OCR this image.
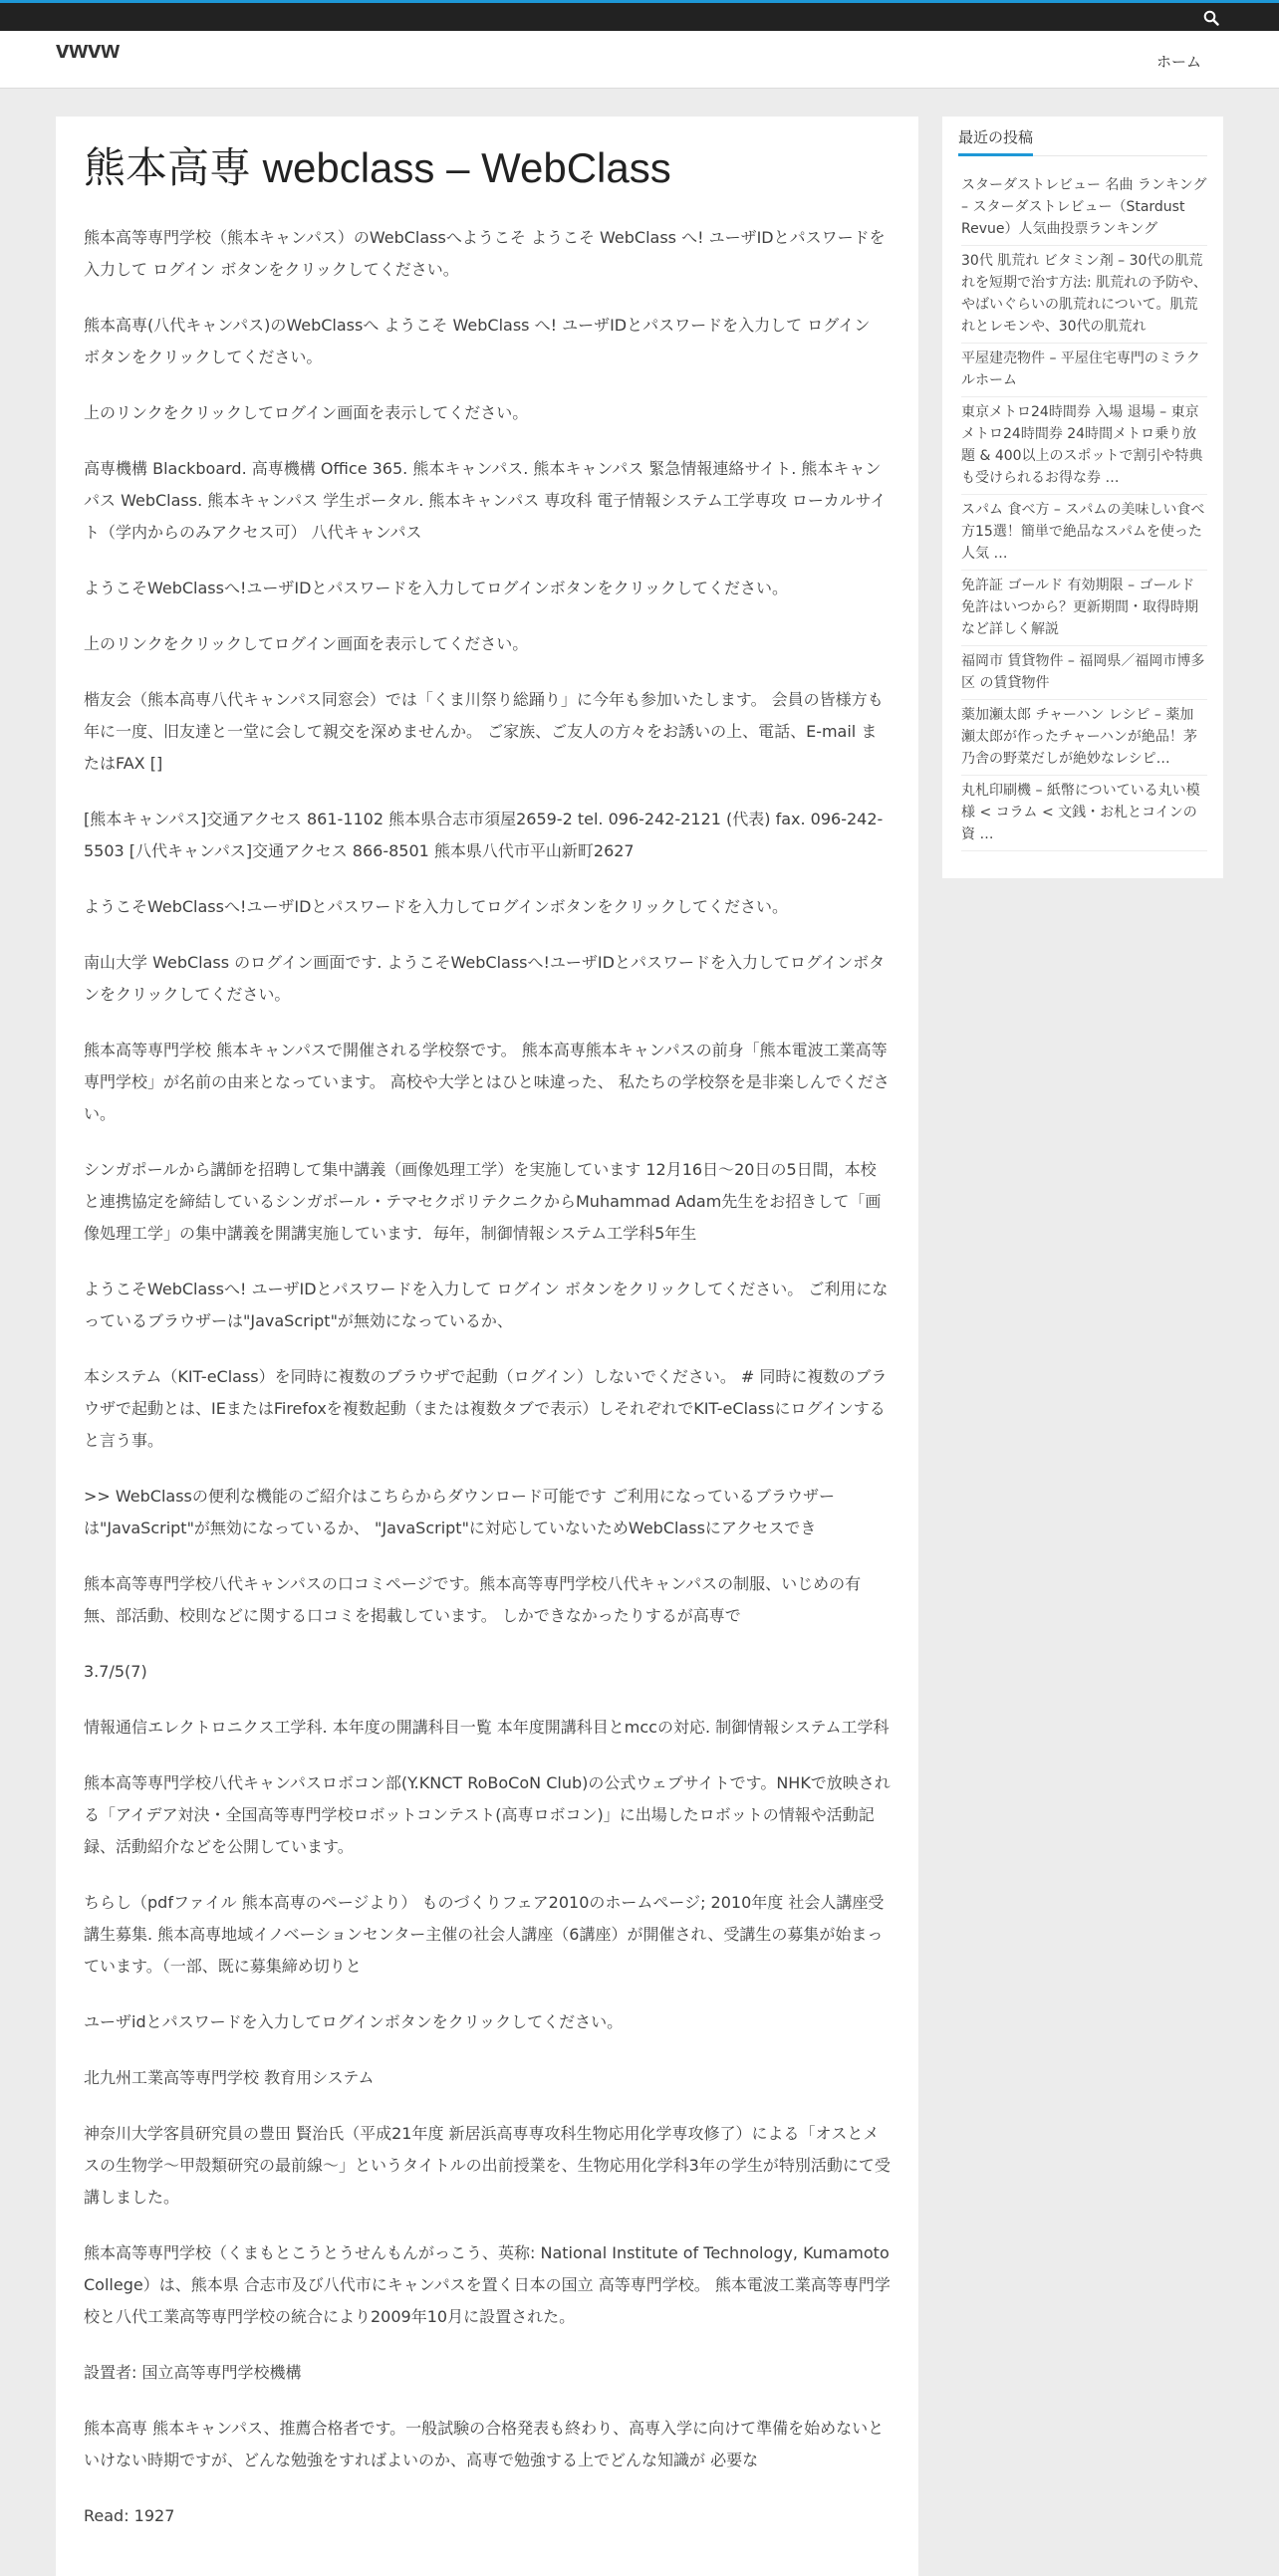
vwvw	ホーム
熊本高専 webclass – WebClass

熊本高等専門学校（熊本キャンパス）のWebClassへようこそ ようこそ WebClass へ! ユーザIDとパスワードを入力して ログイン ボタンをクリックしてください。

熊本高専(八代キャンパス)のWebClassへ ようこそ WebClass へ! ユーザIDとパスワードを入力して ログイン ボタンをクリックしてください。

上のリンクをクリックしてログイン画面を表示してください。

高専機構 Blackboard. 高専機構 Office 365. 熊本キャンパス. 熊本キャンパス 緊急情報連絡サイト. 熊本キャンパス WebClass. 熊本キャンパス 学生ポータル. 熊本キャンパス 専攻科 電子情報システム工学専攻 ローカルサイト（学内からのみアクセス可） 八代キャンパス

ようこそWebClassへ!ユーザIDとパスワードを入力してログインボタンをクリックしてください。

上のリンクをクリックしてログイン画面を表示してください。

楷友会（熊本高専八代キャンパス同窓会）では「くま川祭り総踊り」に今年も参加いたします。 会員の皆様方も年に一度、旧友達と一堂に会して親交を深めませんか。 ご家族、ご友人の方々をお誘いの上、電話、E-mail またはFAX []

[熊本キャンパス]交通アクセス 861-1102 熊本県合志市須屋2659-2 tel. 096-242-2121 (代表) fax. 096-242-5503 [八代キャンパス]交通アクセス 866-8501 熊本県八代市平山新町2627

ようこそWebClassへ!ユーザIDとパスワードを入力してログインボタンをクリックしてください。

南山大学 WebClass のログイン画面です. ようこそWebClassへ!ユーザIDとパスワードを入力してログインボタンをクリックしてください。

熊本高等専門学校 熊本キャンパスで開催される学校祭です。 熊本高専熊本キャンパスの前身「熊本電波工業高等専門学校」が名前の由来となっています。 高校や大学とはひと味違った、 私たちの学校祭を是非楽しんでください。

シンガポールから講師を招聘して集中講義（画像処理工学）を実施しています 12月16日～20日の5日間，本校と連携協定を締結しているシンガポール・テマセクポリテクニクからMuhammad Adam先生をお招きして「画像処理工学」の集中講義を開講実施しています．毎年，制御情報システム工学科5年生

ようこそWebClassへ! ユーザIDとパスワードを入力して ログイン ボタンをクリックしてください。 ご利用になっているブラウザーは"JavaScript"が無効になっているか、

本システム（KIT-eClass）を同時に複数のブラウザで起動（ログイン）しないでください。 # 同時に複数のブラウザで起動とは、IEまたはFirefoxを複数起動（または複数タブで表示）しそれぞれでKIT-eClassにログインすると言う事。

>> WebClassの便利な機能のご紹介はこちらからダウンロード可能です ご利用になっているブラウザーは"JavaScript"が無効になっているか、 "JavaScript"に対応していないためWebClassにアクセスでき

熊本高等専門学校八代キャンパスの口コミページです。熊本高等専門学校八代キャンパスの制服、いじめの有無、部活動、校則などに関する口コミを掲載しています。 しかできなかったりするが高専で

3.7/5(7)

情報通信エレクトロニクス工学科. 本年度の開講科目一覧 本年度開講科目とmccの対応. 制御情報システム工学科

熊本高等専門学校八代キャンパスロボコン部(Y.KNCT RoBoCoN Club)の公式ウェブサイトです。NHKで放映される「アイデア対決・全国高等専門学校ロボットコンテスト(高専ロボコン)」に出場したロボットの情報や活動記録、活動紹介などを公開しています。

ちらし（pdfファイル 熊本高専のページより） ものづくりフェア2010のホームページ; 2010年度 社会人講座受講生募集. 熊本高専地域イノベーションセンター主催の社会人講座（6講座）が開催され、受講生の募集が始まっています。（一部、既に募集締め切りと

ユーザidとパスワードを入力してログインボタンをクリックしてください。

北九州工業高等専門学校 教育用システム

神奈川大学客員研究員の豊田 賢治氏（平成21年度 新居浜高専専攻科生物応用化学専攻修了）による「オスとメスの生物学～甲殻類研究の最前線～」というタイトルの出前授業を、生物応用化学科3年の学生が特別活動にて受講しました。

熊本高等専門学校（くまもとこうとうせんもんがっこう、英称: National Institute of Technology, Kumamoto College）は、熊本県 合志市及び八代市にキャンパスを置く日本の国立 高等専門学校。 熊本電波工業高等専門学校と八代工業高等専門学校の統合により2009年10月に設置された。

設置者: 国立高等専門学校機構

熊本高専 熊本キャンパス、推薦合格者です。一般試験の合格発表も終わり、高専入学に向けて準備を始めないといけない時期ですが、どんな勉強をすればよいのか、高専で勉強する上でどんな知識が 必要な

Read: 1927

最近の投稿
スターダストレビュー 名曲 ランキング – スターダストレビュー（Stardust Revue）人気曲投票ランキング
30代 肌荒れ ビタミン剤 – 30代の肌荒れを短期で治す方法: 肌荒れの予防や、やばいぐらいの肌荒れについて。肌荒れとレモンや、30代の肌荒れ
平屋建売物件 – 平屋住宅専門のミラクルホーム
東京メトロ24時間券 入場 退場 – 東京メトロ24時間券 24時間メトロ乗り放題 & 400以上のスポットで割引や特典も受けられるお得な券 …
スパム 食べ方 – スパムの美味しい食べ方15選！簡単で絶品なスパムを使った人気 …
免許証 ゴールド 有効期限 – ゴールド免許はいつから？更新期間・取得時期など詳しく解説
福岡市 賃貸物件 – 福岡県／福岡市博多区 の賃貸物件
薬加瀬太郎 チャーハン レシピ – 薬加瀬太郎が作ったチャーハンが絶品！茅乃舎の野菜だしが絶妙なレシピ…
丸札印刷機 – 紙幣についている丸い模様 < コラム < 文銭・お札とコインの資 …
